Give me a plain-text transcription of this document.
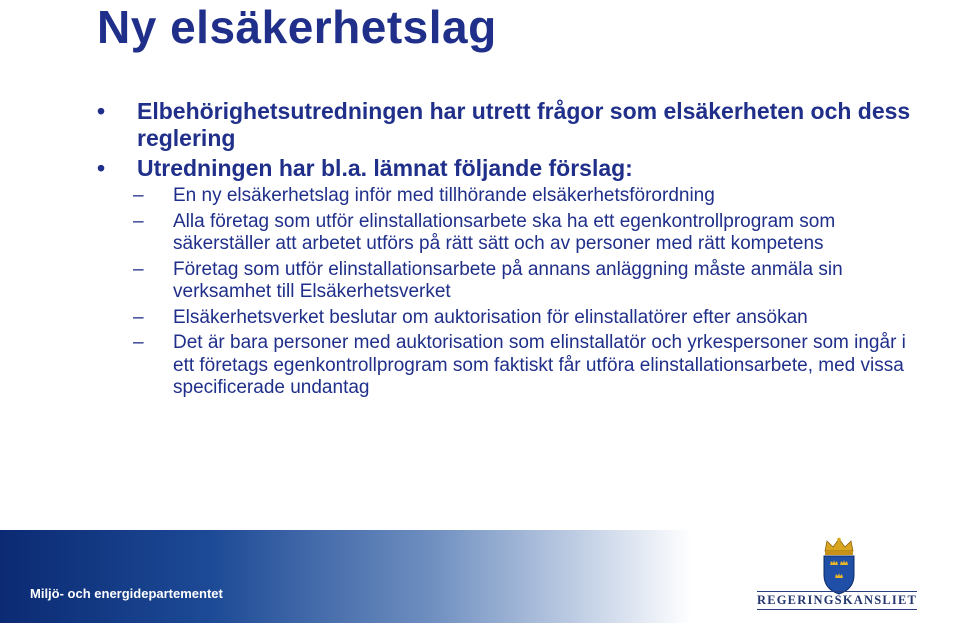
Ny elsäkerhetslag
• Elbehörighetsutredningen har utrett frågor som elsäkerheten och dess reglering
• Utredningen har bl.a. lämnat följande förslag:
– En ny elsäkerhetslag inför med tillhörande elsäkerhetsförordning
– Alla företag som utför elinstallationsarbete ska ha ett egenkontrollprogram som säkerställer att arbetet utförs på rätt sätt och av personer med rätt kompetens
– Företag som utför elinstallationsarbete på annans anläggning måste anmäla sin verksamhet till Elsäkerhetsverket
– Elsäkerhetsverket beslutar om auktorisation för elinstallatörer efter ansökan
– Det är bara personer med auktorisation som elinstallatör och yrkespersoner som ingår i ett företags egenkontrollprogram som faktiskt får utföra elinstallationsarbete, med vissa specificerade undantag
Miljö- och energidepartementet	REGERINGSKANSLIET
